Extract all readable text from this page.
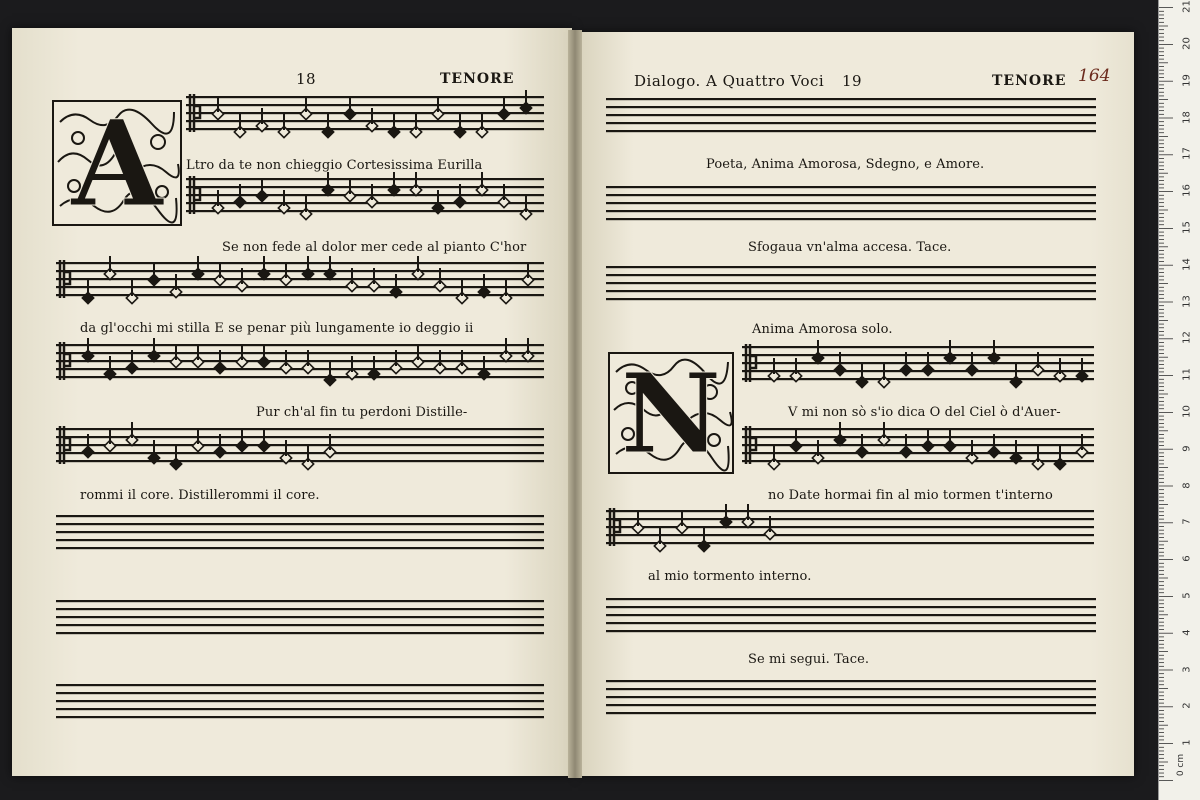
18	TENORE
A
Dialogo. A Quattro Voci 19	TENORE 164
N
Ltro da te non chieggio Cortesissima Eurilla
Se non fede al dolor mer cede al pianto C'hor
da gl'occhi mi stilla E se penar più lungamente io deggio ii
Pur ch'al fin tu perdoni Distille-
rommi il core. Distillerommi il core.
Poeta, Anima Amorosa, Sdegno, e Amore.
Sfogaua vn'alma accesa. Tace.
Anima Amorosa solo.
V mi non sò s'io dica O del Ciel ò d'Auer-
no Date hormai fin al mio tormen t'interno
al mio tormento interno.
Se mi segui. Tace.
0 cm
1
2
3
4
5
6
7
8
9
10
11
12
13
14
15
16
17
18
19
20
21
